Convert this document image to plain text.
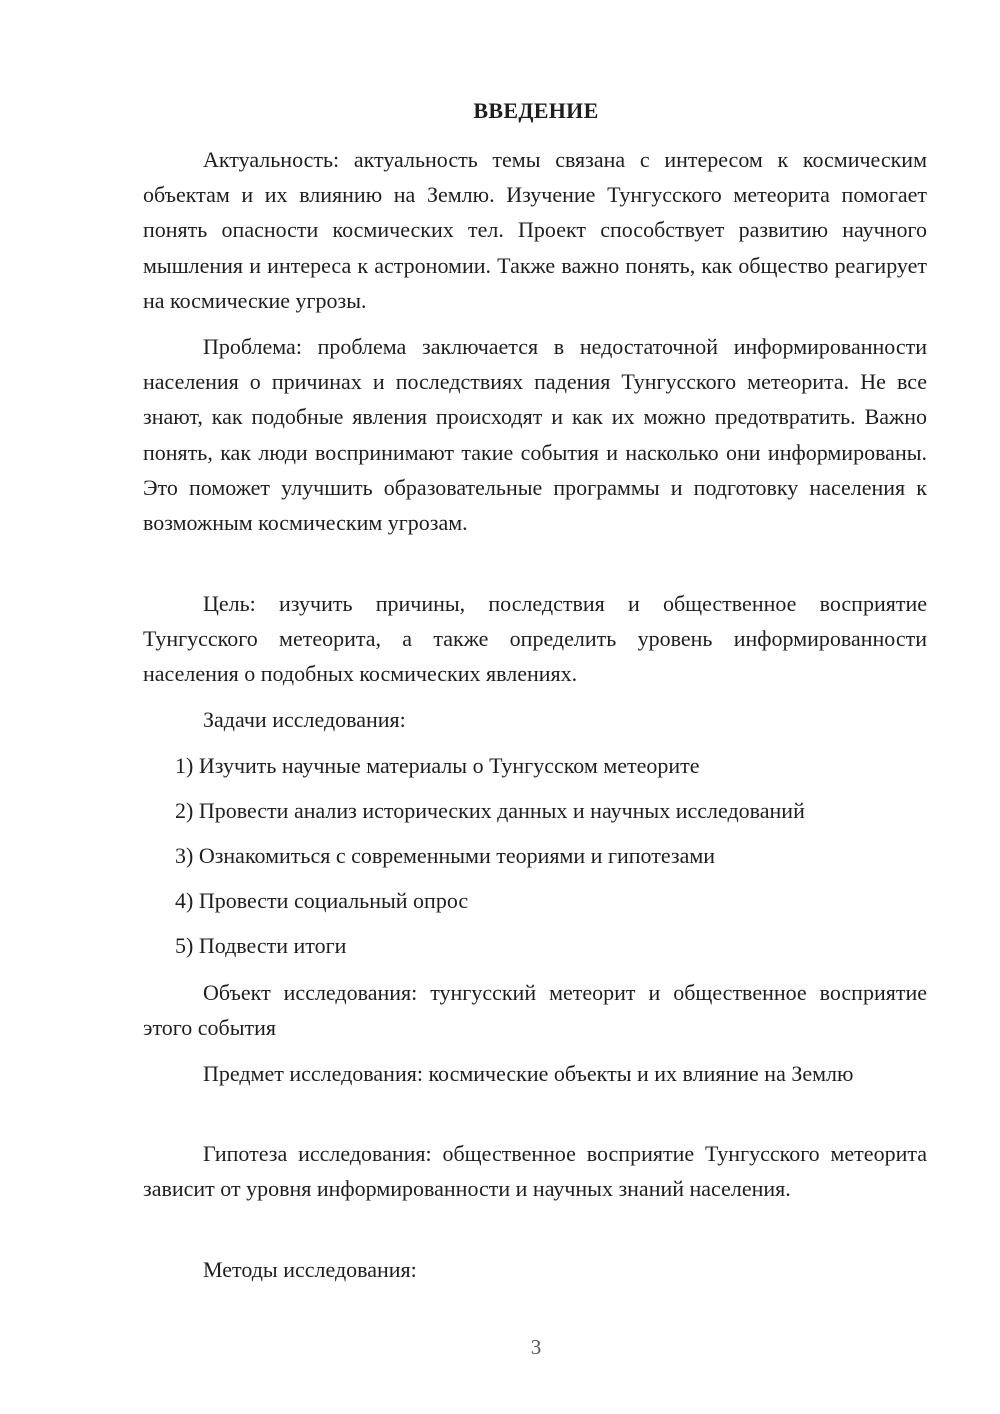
ВВЕДЕНИЕ

Актуальность: актуальность темы связана с интересом к космическим объектам и их влиянию на Землю. Изучение Тунгусского метеорита помогает понять опасности космических тел. Проект способствует развитию научного мышления и интереса к астрономии. Также важно понять, как общество реагирует на космические угрозы.

Проблема: проблема заключается в недостаточной информированности населения о причинах и последствиях падения Тунгусского метеорита. Не все знают, как подобные явления происходят и как их можно предотвратить. Важно понять, как люди воспринимают такие события и насколько они информированы. Это поможет улучшить образовательные программы и подготовку населения к возможным космическим угрозам.

Цель: изучить причины, последствия и общественное восприятие Тунгусского метеорита, а также определить уровень информированности населения о подобных космических явлениях.

Задачи исследования:

1) Изучить научные материалы о Тунгусском метеорите

2) Провести анализ исторических данных и научных исследований

3) Ознакомиться с современными теориями и гипотезами

4) Провести социальный опрос

5) Подвести итоги

Объект исследования: тунгусский метеорит и общественное восприятие этого события

Предмет исследования: космические объекты и их влияние на Землю

Гипотеза исследования: общественное восприятие Тунгусского метеорита зависит от уровня информированности и научных знаний населения.

Методы исследования:

3
